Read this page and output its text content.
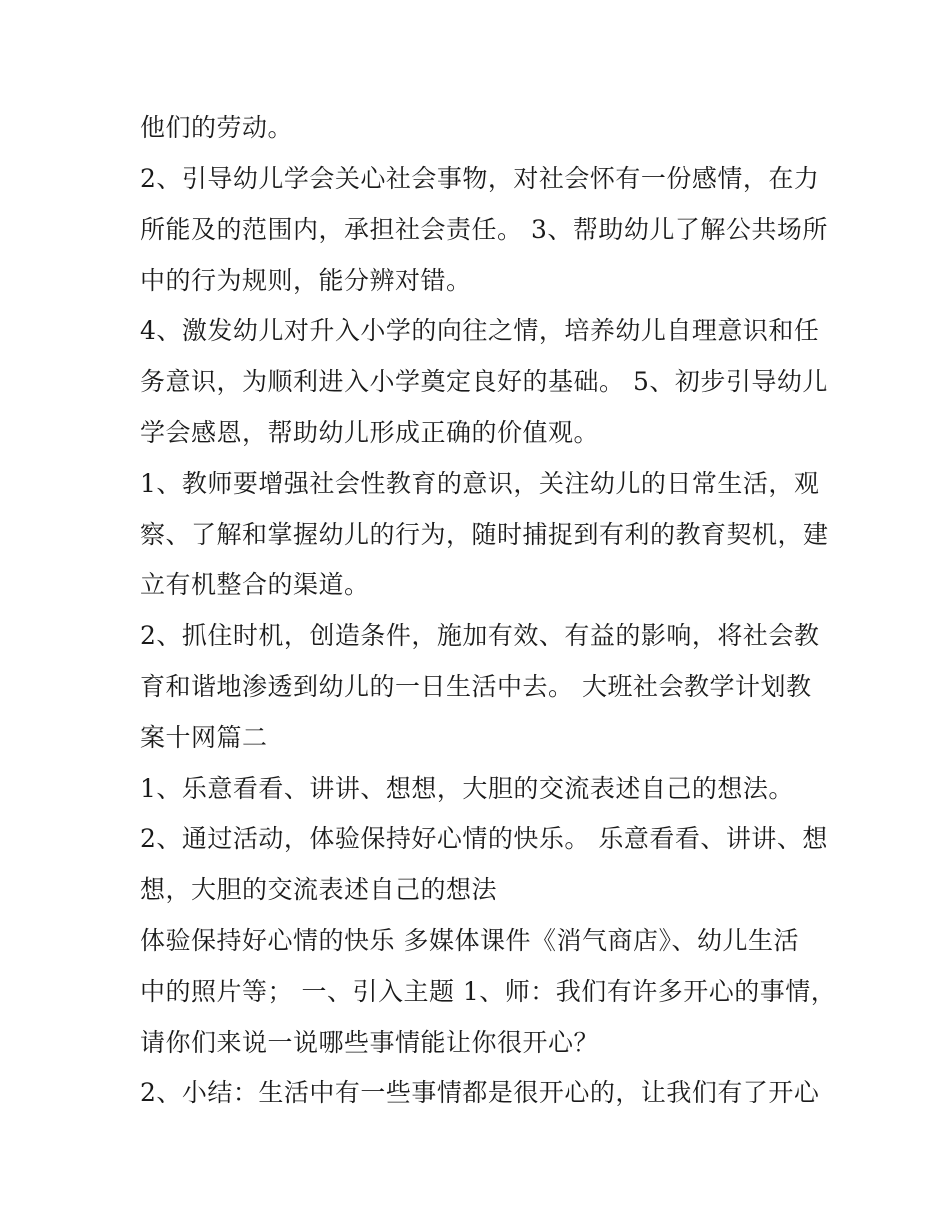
他们的劳动。
2、引导幼儿学会关心社会事物，对社会怀有一份感情，在力
所能及的范围内，承担社会责任。 3、帮助幼儿了解公共场所
中的行为规则，能分辨对错。
4、激发幼儿对升入小学的向往之情，培养幼儿自理意识和任
务意识，为顺利进入小学奠定良好的基础。 5、初步引导幼儿
学会感恩，帮助幼儿形成正确的价值观。
1、教师要增强社会性教育的意识，关注幼儿的日常生活，观
察、了解和掌握幼儿的行为，随时捕捉到有利的教育契机，建
立有机整合的渠道。
2、抓住时机，创造条件，施加有效、有益的影响，将社会教
育和谐地渗透到幼儿的一日生活中去。 大班社会教学计划教
案十网篇二
1、乐意看看、讲讲、想想，大胆的交流表述自己的想法。
2、通过活动，体验保持好心情的快乐。 乐意看看、讲讲、想
想，大胆的交流表述自己的想法
体验保持好心情的快乐 多媒体课件《消气商店》、幼儿生活
中的照片等； 一、引入主题 1、师：我们有许多开心的事情，
请你们来说一说哪些事情能让你很开心？
2、小结：生活中有一些事情都是很开心的，让我们有了开心
